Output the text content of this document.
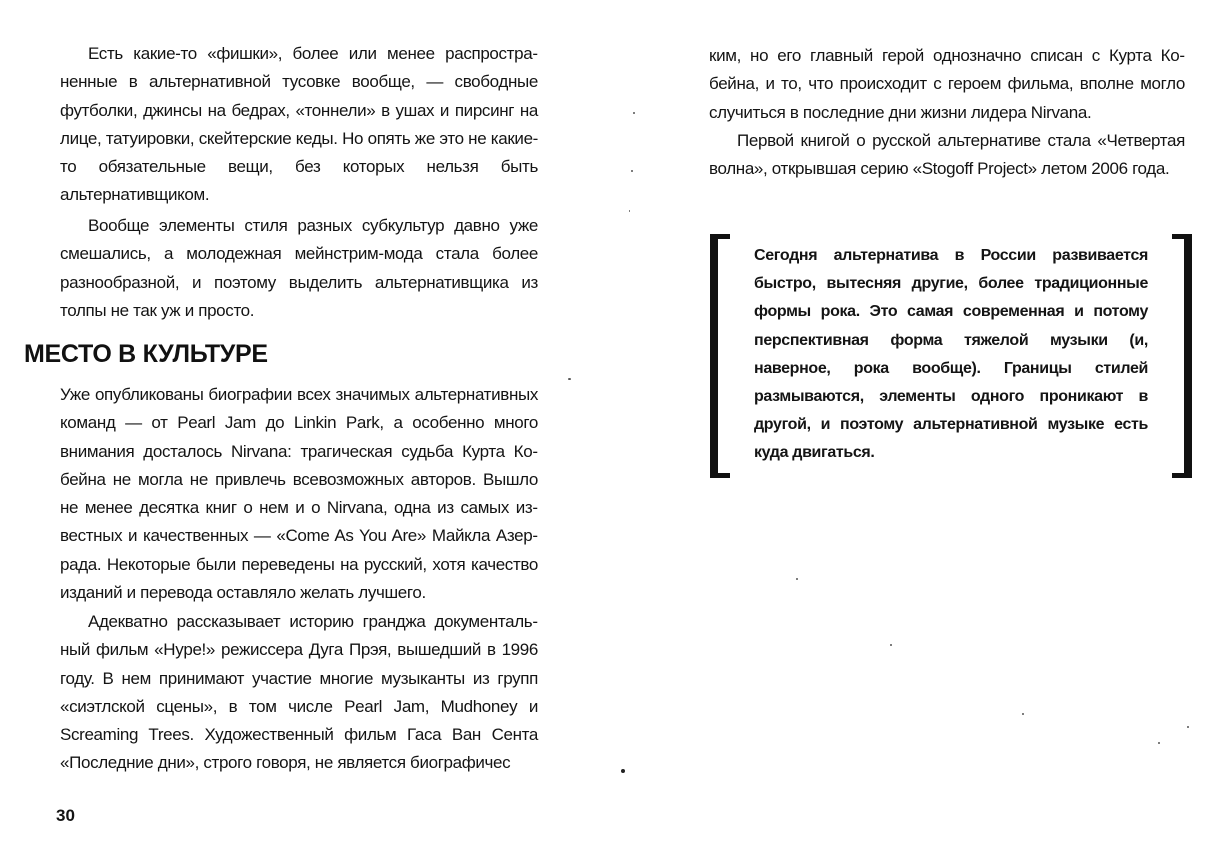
Есть какие-то «фишки», более или менее распространенные в альтернативной тусовке вообще, — свободные футболки, джинсы на бедрах, «тоннели» в ушах и пирсинг на лице, татуировки, скейтерские кеды. Но опять же это не какие-то обязательные вещи, без которых нельзя быть альтернативщиком.

Вообще элементы стиля разных субкультур давно уже смешались, а молодежная мейнстрим-мода стала более разнообразной, и поэтому выделить альтернативщика из толпы не так уж и просто.

МЕСТО В КУЛЬТУРЕ

Уже опубликованы биографии всех значимых альтернативных команд — от Pearl Jam до Linkin Park, а особенно много внимания досталось Nirvana: трагическая судьба Курта Кобейна не могла не привлечь всевозможных авторов. Вышло не менее десятка книг о нем и о Nirvana, одна из самых известных и качественных — «Come As You Are» Майкла Азеррада. Некоторые были переведены на русский, хотя качество изданий и перевода оставляло желать лучшего.

Адекватно рассказывает историю гранджа документальный фильм «Hype!» режиссера Дуга Прэя, вышедший в 1996 году. В нем принимают участие многие музыканты из групп «сиэтлской сцены», в том числе Pearl Jam, Mudhoney и Screaming Trees. Художественный фильм Гаса Ван Сента «Последние дни», строго говоря, не является биографичес

30

ким, но его главный герой однозначно списан с Курта Кобейна, и то, что происходит с героем фильма, вполне могло случиться в последние дни жизни лидера Nirvana.

Первой книгой о русской альтернативе стала «Четвертая волна», открывшая серию «Stogoff Project» летом 2006 года.

Сегодня альтернатива в России развивается быстро, вытесняя другие, более традиционные формы рока. Это самая современная и потому перспективная форма тяжелой музыки (и, наверное, рока вообще). Границы стилей размываются, элементы одного проникают в другой, и поэтому альтернативной музыке есть куда двигаться.
